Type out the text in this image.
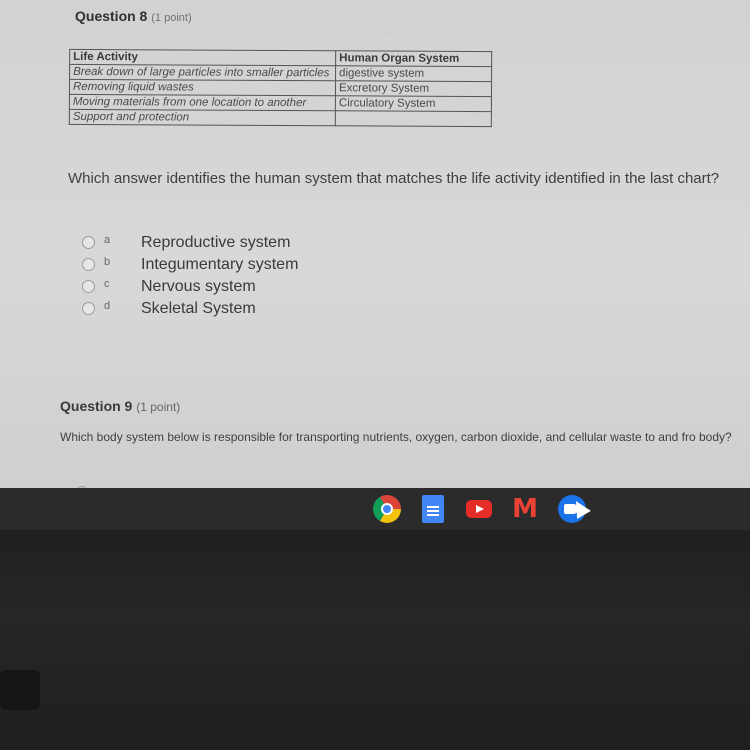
Question 8 (1 point)
Life Activity	Human Organ System
Break down of large particles into smaller particles	digestive system
Removing liquid wastes	Excretory System
Moving materials from one location to another	Circulatory System
Support and protection	
Which answer identifies the human system that matches the life activity identified in the last chart?
a Reproductive system
b Integumentary system
c Nervous system
d Skeletal System
Question 9 (1 point)
Which body system below is responsible for transporting nutrients, oxygen, carbon dioxide, and cellular waste to and fro body?
M
